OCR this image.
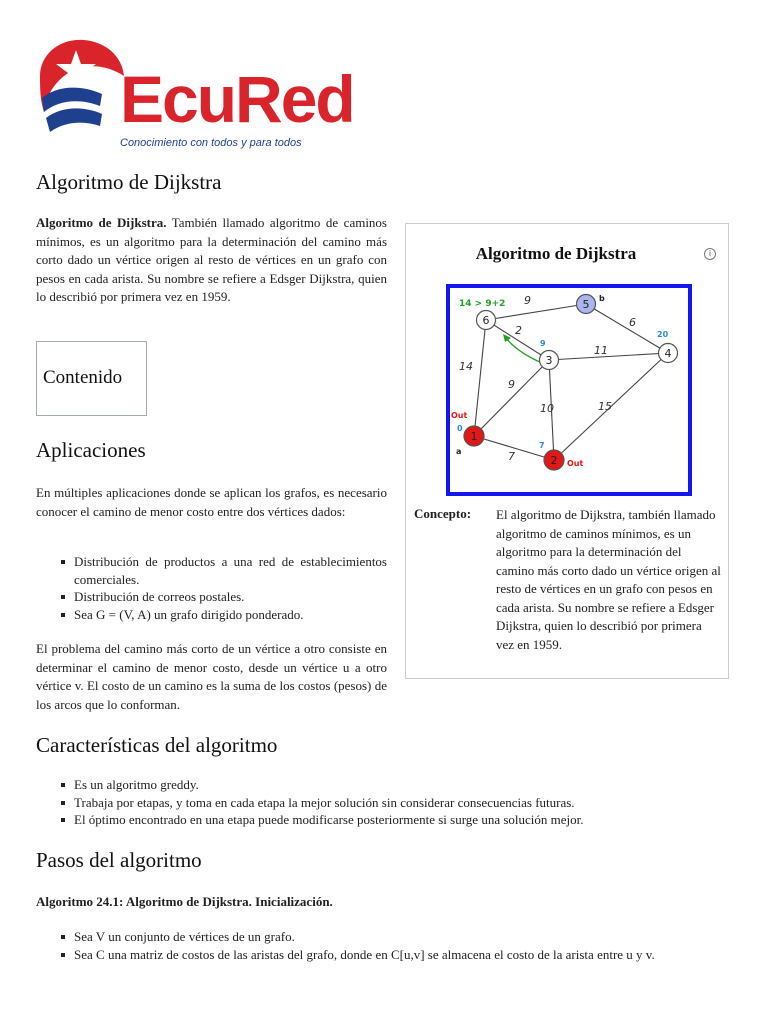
EcuRed
Conocimiento con todos y para todos
Algoritmo de Dijkstra

Algoritmo de Dijkstra. También llamado algoritmo de caminos mínimos, es un algoritmo para la determinación del camino más corto dado un vértice origen al resto de vértices en un grafo con pesos en cada arista. Su nombre se refiere a Edsger Dijkstra, quien lo describió por primera vez en 1959.

Contenido
Aplicaciones

En múltiples aplicaciones donde se aplican los grafos, es necesario conocer el camino de menor costo entre dos vértices dados:

Distribución de productos a una red de establecimientos comerciales.
Distribución de correos postales.
Sea G = (V, A) un grafo dirigido ponderado.

El problema del camino más corto de un vértice a otro consiste en determinar el camino de menor costo, desde un vértice u a otro vértice v. El costo de un camino es la suma de los costos (pesos) de los arcos que lo conforman.

Características del algoritmo
Es un algoritmo greddy.
Trabaja por etapas, y toma en cada etapa la mejor solución sin considerar consecuencias futuras.
El óptimo encontrado en una etapa puede modificarse posteriormente si surge una solución mejor.
Pasos del algoritmo

Algoritmo 24.1: Algoritmo de Dijkstra. Inicialización.

Sea V un conjunto de vértices de un grafo.
Sea C una matriz de costos de las aristas del grafo, donde en C[u,v] se almacena el costo de la arista entre u y v.
Algoritmo de Dijkstra	i
7
9
14
10	15
11
2
9
6
14 > 9+2
6
5
3
4
1
2
a
b
0
7
9
20
Out
Out
Concepto: El algoritmo de Dijkstra, también llamado algoritmo de caminos mínimos, es un algoritmo para la determinación del camino más corto dado un vértice origen al resto de vértices en un grafo con pesos en cada arista. Su nombre se refiere a Edsger Dijkstra, quien lo describió por primera vez en 1959.
